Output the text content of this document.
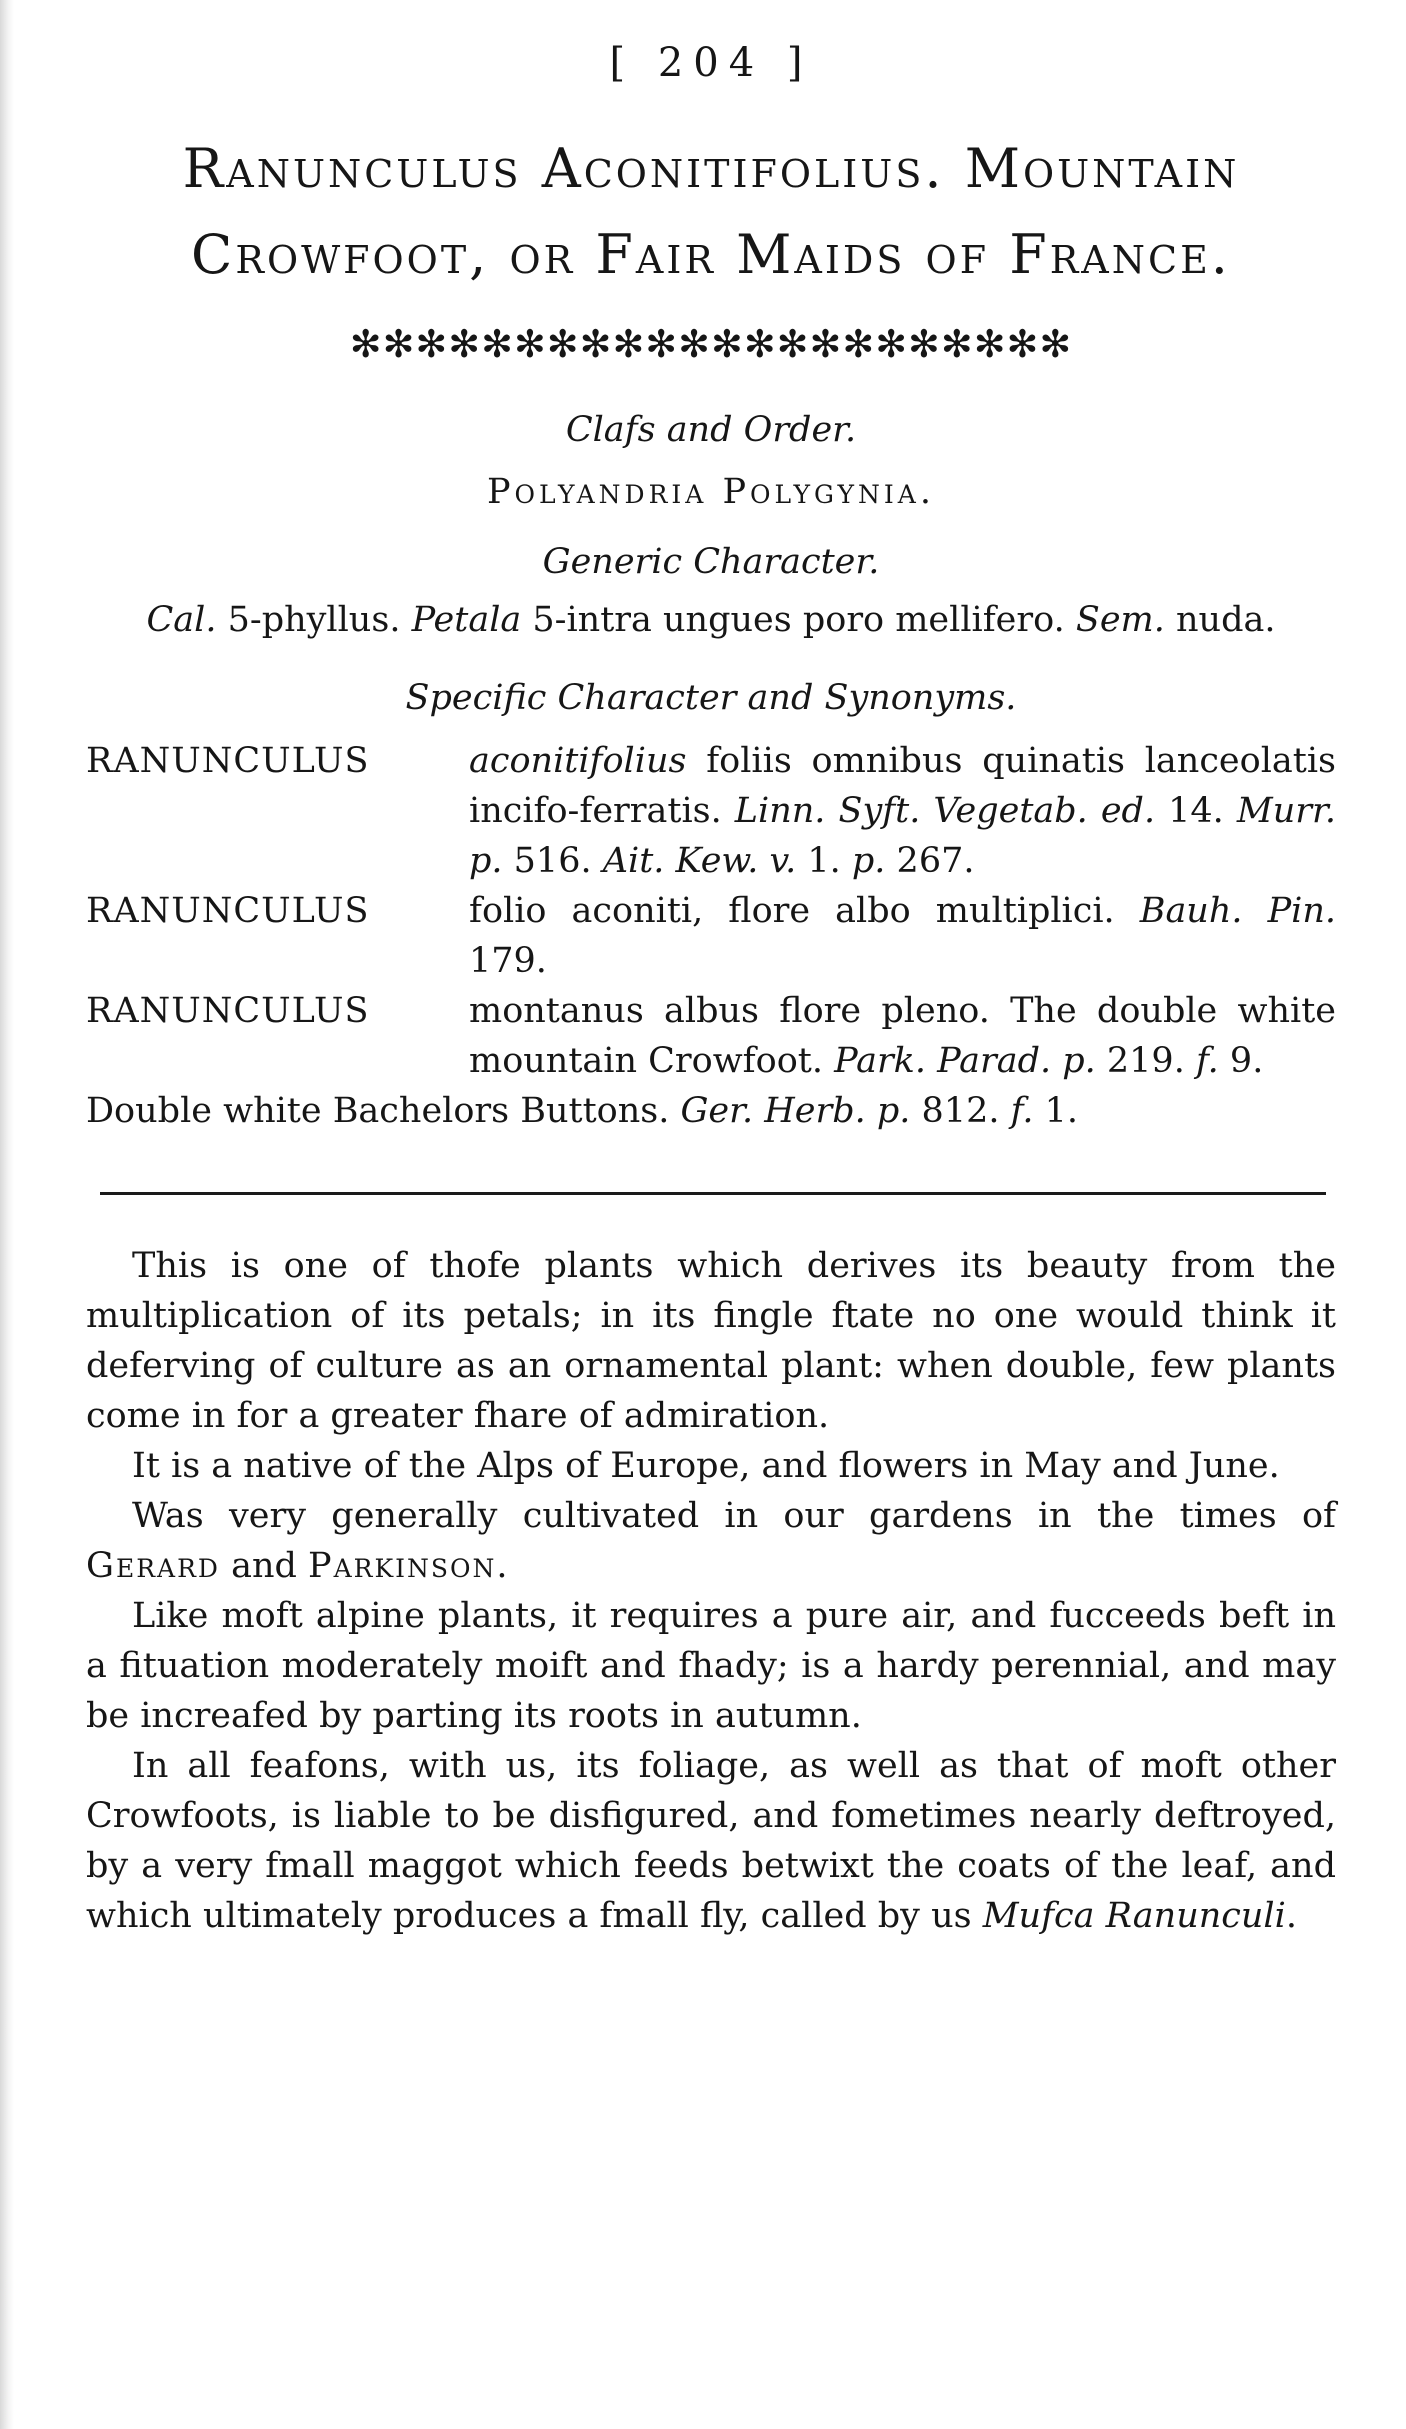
[ 204 ]
Ranunculus Aconitifolius. Mountain
Crowfoot, or Fair Maids of France.
✻✻✻✻✻✻✻✻✻✻✻✻✻✻✻✻✻✻✻✻✻✻
Clafs and Order.
Polyandria Polygynia.
Generic Character.
Cal. 5-phyllus. Petala 5-intra ungues poro mellifero. Sem. nuda.
Specific Character and Synonyms.
RANUNCULUS	aconitifolius foliis omnibus quinatis lanceolatis incifo-ferratis. Linn. Syft. Vegetab. ed. 14. Murr. p. 516. Ait. Kew. v. 1. p. 267.
RANUNCULUS	folio aconiti, flore albo multiplici. Bauh. Pin. 179.
RANUNCULUS	montanus albus flore pleno. The double white mountain Crowfoot. Park. Parad. p. 219. f. 9.
Double white Bachelors Buttons. Ger. Herb. p. 812. f. 1.

This is one of thofe plants which derives its beauty from the multiplication of its petals; in its fingle ftate no one would think it deferving of culture as an ornamental plant: when double, few plants come in for a greater fhare of admiration.

It is a native of the Alps of Europe, and flowers in May and June.

Was very generally cultivated in our gardens in the times of Gerard and Parkinson.

Like moft alpine plants, it requires a pure air, and fucceeds beft in a fituation moderately moift and fhady; is a hardy perennial, and may be increafed by parting its roots in autumn.

In all feafons, with us, its foliage, as well as that of moft other Crowfoots, is liable to be disfigured, and fometimes nearly deftroyed, by a very fmall maggot which feeds betwixt the coats of the leaf, and which ultimately produces a fmall fly, called by us Mufca Ranunculi.
